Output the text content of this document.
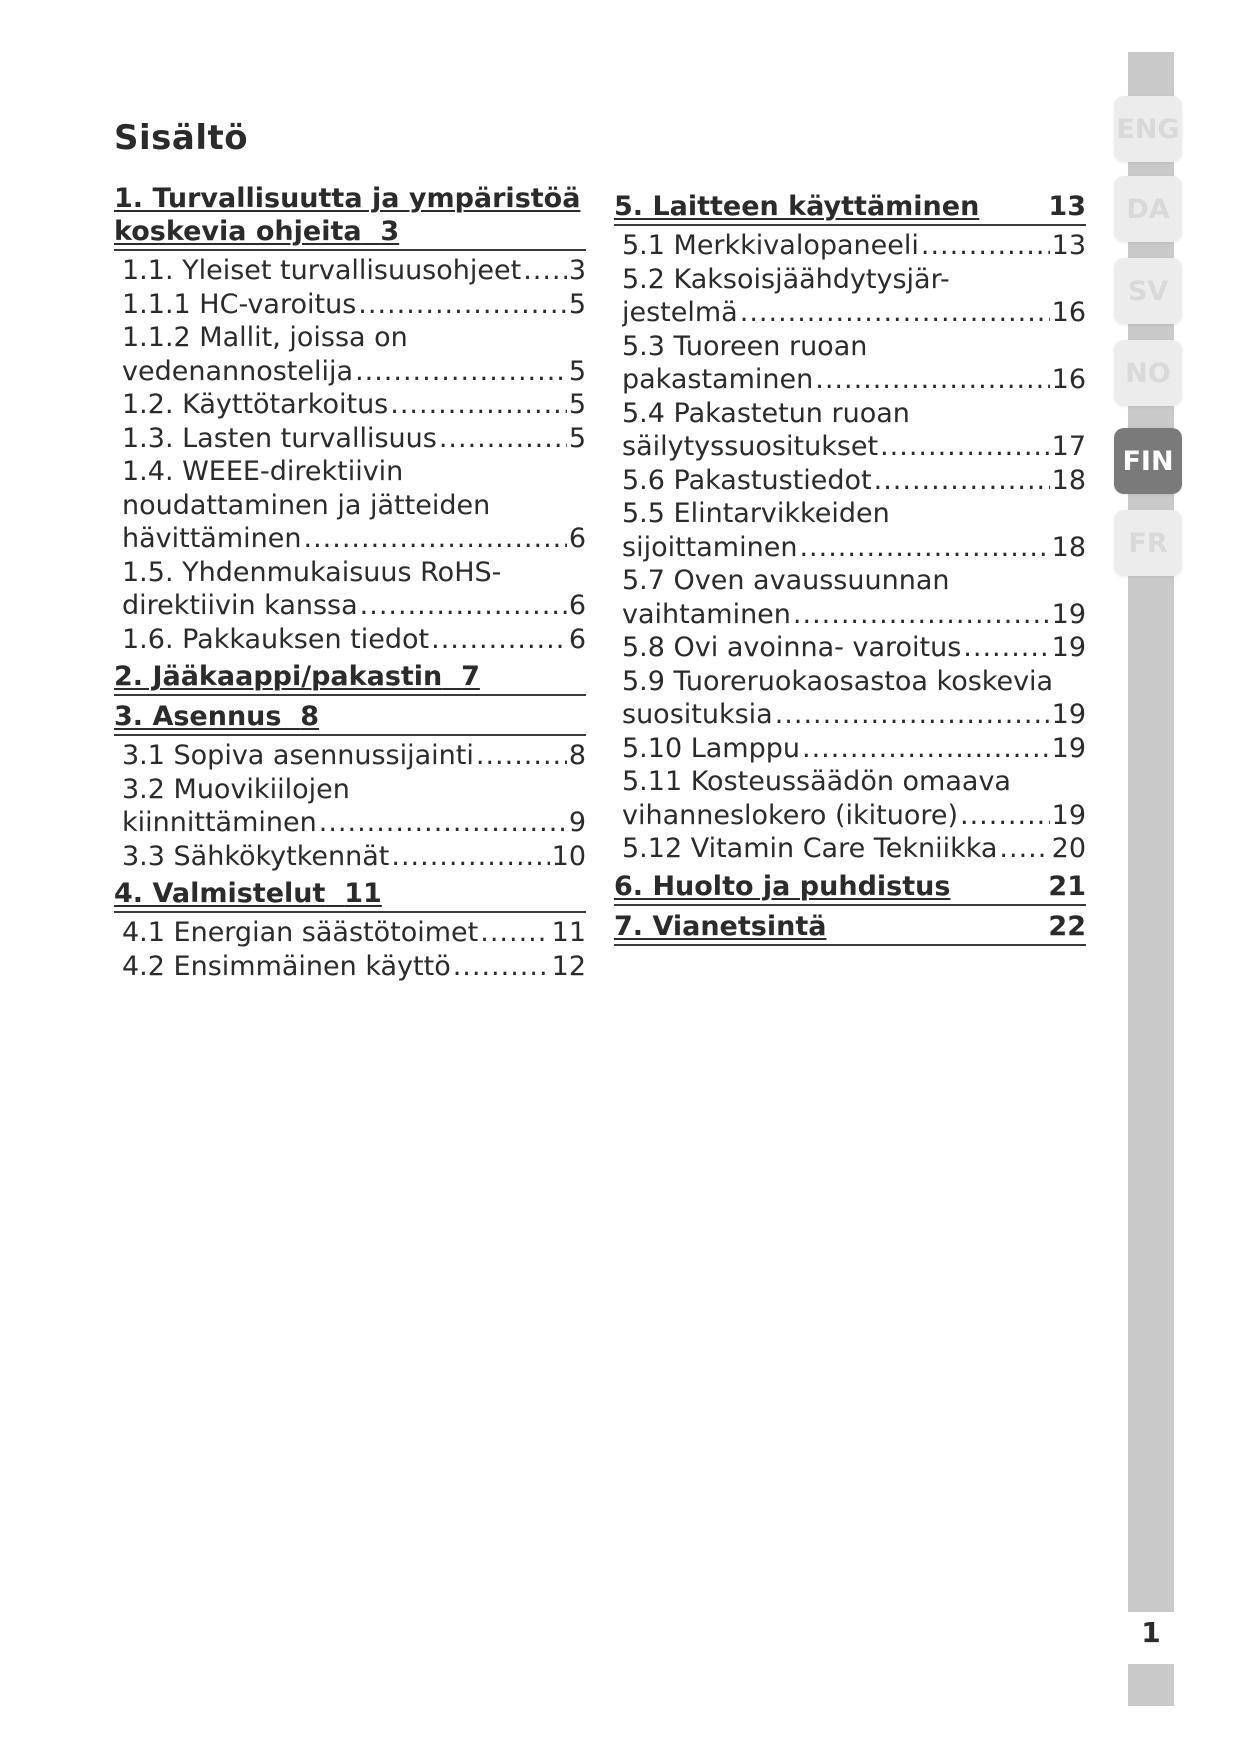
Sisältö
1. Turvallisuutta ja ympäristöä koskevia ohjeita 3
1.1. Yleiset turvallisuusohjeet ..... 3
1.1.1 HC-varoitus .....	5
1.1.2 Mallit, joissa on
vedenannostelija .....	5
1.2. Käyttötarkoitus .....	5
1.3. Lasten turvallisuus .....	5
1.4. WEEE-direktiivin
noudattaminen ja jätteiden
hävittäminen .....	6
1.5. Yhdenmukaisuus RoHS-
direktiivin kanssa .....	6
1.6. Pakkauksen tiedot .....	6
2. Jääkaappi/pakastin 7
3. Asennus 8
3.1 Sopiva asennussijainti .....	8
3.2 Muovikiilojen
kiinnittäminen .....	9
3.3 Sähkökytkennät .....	10
4. Valmistelut 11
4.1 Energian säästötoimet .....	11
4.2 Ensimmäinen käyttö .....	12
5. Laitteen käyttäminen	13
5.1 Merkkivalopaneeli .....	13
5.2 Kaksoisjäähdytysjär-
jestelmä .....	16
5.3 Tuoreen ruoan
pakastaminen .....	16
5.4 Pakastetun ruoan
säilytyssuositukset .....	17
5.6 Pakastustiedot .....	18
5.5 Elintarvikkeiden
sijoittaminen .....	18
5.7 Oven avaussuunnan
vaihtaminen .....	19
5.8 Ovi avoinna- varoitus .....	19
5.9 Tuoreruokaosastoa koskevia
suosituksia .....	19
5.10 Lamppu .....	19
5.11 Kosteussäädön omaava
vihanneslokero (ikituore) .....	19
5.12 Vitamin Care Tekniikka ..... 20
6. Huolto ja puhdistus	21
7. Vianetsintä	22
ENG
DA
SV
NO
FIN
FR
1
